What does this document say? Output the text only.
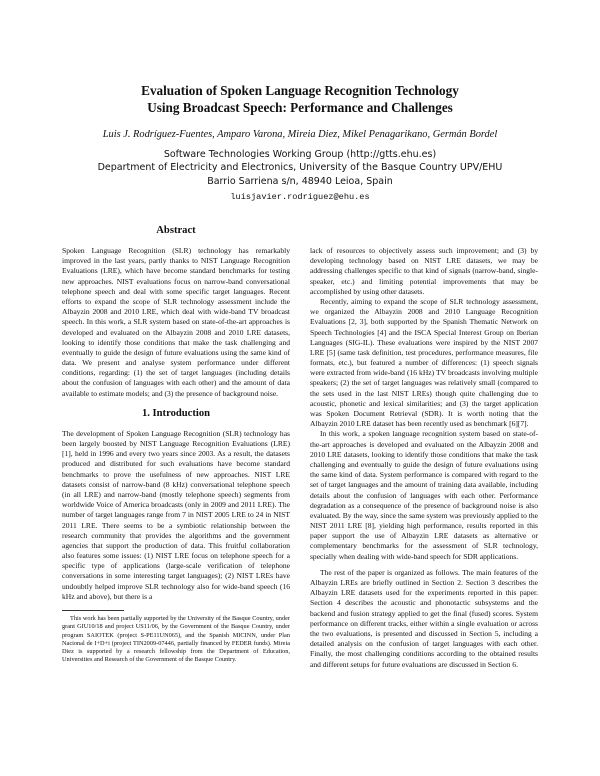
Evaluation of Spoken Language Recognition Technology
Using Broadcast Speech: Performance and Challenges
Luis J. Rodríguez-Fuentes, Amparo Varona, Mireia Diez, Mikel Penagarikano, Germán Bordel
Software Technologies Working Group (http://gtts.ehu.es)
Department of Electricity and Electronics, University of the Basque Country UPV/EHU
Barrio Sarriena s/n, 48940 Leioa, Spain
luisjavier.rodriguez@ehu.es
Abstract

Spoken Language Recognition (SLR) technology has remarkably improved in the last years, partly thanks to NIST Language Recognition Evaluations (LRE), which have become standard benchmarks for testing new approaches. NIST evaluations focus on narrow-band conversational telephone speech and deal with some specific target languages. Recent efforts to expand the scope of SLR technology assessment include the Albayzin 2008 and 2010 LRE, which deal with wide-band TV broadcast speech. In this work, a SLR system based on state-of-the-art approaches is developed and evaluated on the Albayzin 2008 and 2010 LRE datasets, looking to identify those conditions that make the task challenging and eventually to guide the design of future evaluations using the same kind of data. We present and analyse system performance under different conditions, regarding: (1) the set of target languages (including details about the confusion of languages with each other) and the amount of data available to estimate models; and (3) the presence of background noise.

1. Introduction

The development of Spoken Language Recognition (SLR) technology has been largely boosted by NIST Language Recognition Evaluations (LRE) [1], held in 1996 and every two years since 2003. As a result, the datasets produced and distributed for such evaluations have become standard benchmarks to prove the usefulness of new approaches. NIST LRE datasets consist of narrow-band (8 kHz) conversational telephone speech (in all LRE) and narrow-band (mostly telephone speech) segments from worldwide Voice of America broadcasts (only in 2009 and 2011 LRE). The number of target languages range from 7 in NIST 2005 LRE to 24 in NIST 2011 LRE. There seems to be a symbiotic relationship between the research community that provides the algorithms and the government agencies that support the production of data. This fruitful collaboration also features some issues: (1) NIST LRE focus on telephone speech for a specific type of applications (large-scale verification of telephone conversations in some interesting target languages); (2) NIST LREs have undoubtly helped improve SLR technology also for wide-band speech (16 kHz and above), but there is a

This work has been partially supported by the University of the Basque Country, under grant GIU10/18 and project US11/06, by the Government of the Basque Country, under program SAIOTEK (project S-PE11UN065), and the Spanish MICINN, under Plan Nacional de I+D+i (project TIN2009-07446, partially financed by FEDER funds). Mireia Diez is supported by a research fellowship from the Department of Education, Universities and Research of the Government of the Basque Country.

lack of resources to objectively assess such improvement; and (3) by developing technology based on NIST LRE datasets, we may be addressing challenges specific to that kind of signals (narrow-band, single-speaker, etc.) and limiting potential improvements that may be accomplished by using other datasets.

Recently, aiming to expand the scope of SLR technology assessment, we organized the Albayzin 2008 and 2010 Language Recognition Evaluations [2, 3], both supported by the Spanish Thematic Network on Speech Technologies [4] and the ISCA Special Interest Group on Iberian Languages (SIG-IL). These evaluations were inspired by the NIST 2007 LRE [5] (same task definition, test procedures, performance measures, file formats, etc.), but featured a number of differences: (1) speech signals were extracted from wide-band (16 kHz) TV broadcasts involving multiple speakers; (2) the set of target languages was relatively small (compared to the sets used in the last NIST LREs) though quite challenging due to acoustic, phonetic and lexical similarities; and (3) the target application was Spoken Document Retrieval (SDR). It is worth noting that the Albayzin 2010 LRE dataset has been recently used as benchmark [6][7].

In this work, a spoken language recognition system based on state-of-the-art approaches is developed and evaluated on the Albayzin 2008 and 2010 LRE datasets, looking to identify those conditions that make the task challenging and eventually to guide the design of future evaluations using the same kind of data. System performance is compared with regard to the set of target languages and the amount of training data available, including details about the confusion of languages with each other. Performance degradation as a consequence of the presence of background noise is also evaluated. By the way, since the same system was previously applied to the NIST 2011 LRE [8], yielding high performance, results reported in this paper support the use of Albayzin LRE datasets as alternative or complementary benchmarks for the assessment of SLR technology, specially when dealing with wide-band speech for SDR applications.

The rest of the paper is organized as follows. The main features of the Albayzin LREs are briefly outlined in Section 2. Section 3 describes the Albayzin LRE datasets used for the experiments reported in this paper. Section 4 describes the acoustic and phonotactic subsystems and the backend and fusion strategy applied to get the final (fused) scores. System performance on different tracks, either within a single evaluation or across the two evaluations, is presented and discussed in Section 5, including a detailed analysis on the confusion of target languages with each other. Finally, the most challenging conditions according to the obtained results and different setups for future evaluations are discussed in Section 6.
